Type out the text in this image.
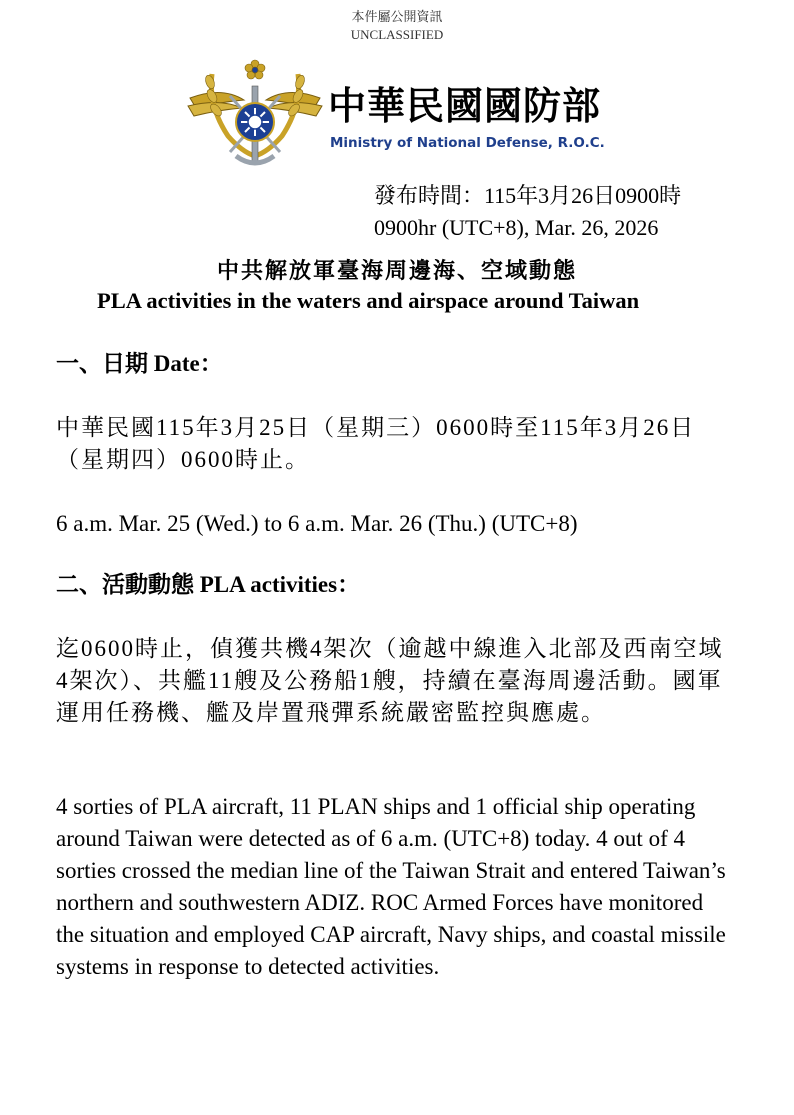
本件屬公開資訊
UNCLASSIFIED
中華民國國防部
Ministry of National Defense, R.O.C.
發布時間：115年3月26日0900時
0900hr (UTC+8), Mar. 26, 2026
中共解放軍臺海周邊海、空域動態
PLA activities in the waters and airspace around Taiwan
一、日期 Date：
中華民國115年3月25日（星期三）0600時至115年3月26日（星期四）0600時止。
6 a.m. Mar. 25 (Wed.) to 6 a.m. Mar. 26 (Thu.) (UTC+8)
二、活動動態 PLA activities：
迄0600時止，偵獲共機4架次（逾越中線進入北部及西南空域4架次）、共艦11艘及公務船1艘，持續在臺海周邊活動。國軍運用任務機、艦及岸置飛彈系統嚴密監控與應處。
4 sorties of PLA aircraft, 11 PLAN ships and 1 official ship operating around Taiwan were detected as of 6 a.m. (UTC+8) today. 4 out of 4 sorties crossed the median line of the Taiwan Strait and entered Taiwan’s northern and southwestern ADIZ. ROC Armed Forces have monitored the situation and employed CAP aircraft, Navy ships, and coastal missile systems in response to detected activities.
